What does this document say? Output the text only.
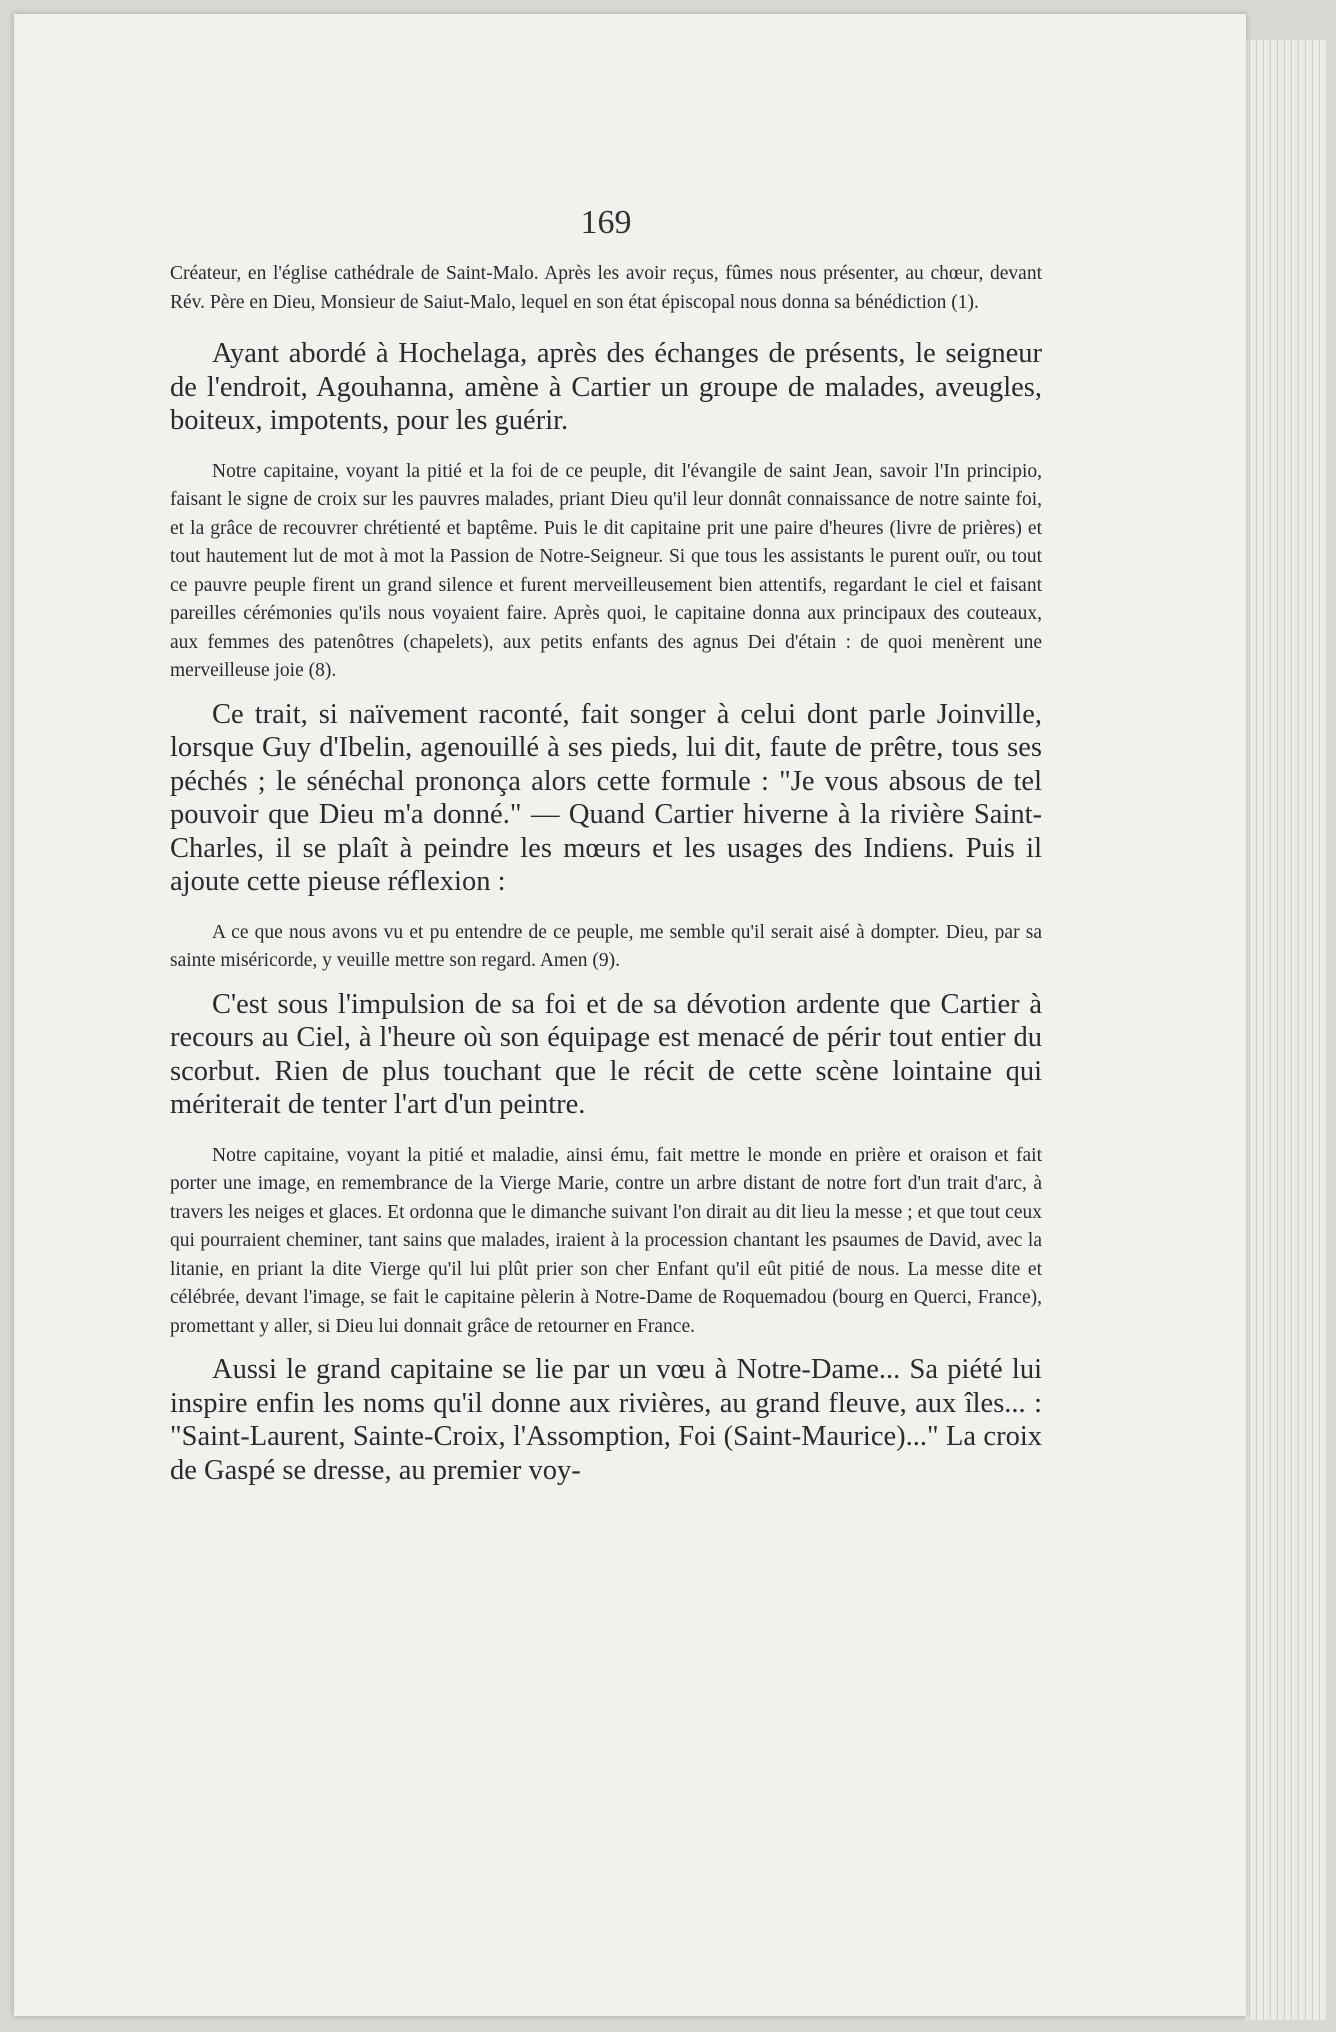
169

Créateur, en l'église cathédrale de Saint-Malo. Après les avoir reçus, fûmes nous présenter, au chœur, devant Rév. Père en Dieu, Monsieur de Saiut-Malo, lequel en son état épiscopal nous donna sa bénédiction (1).

Ayant abordé à Hochelaga, après des échanges de présents, le seigneur de l'endroit, Agouhanna, amène à Cartier un groupe de malades, aveugles, boiteux, impotents, pour les guérir.

Notre capitaine, voyant la pitié et la foi de ce peuple, dit l'évangile de saint Jean, savoir l'In principio, faisant le signe de croix sur les pauvres malades, priant Dieu qu'il leur donnât connaissance de notre sainte foi, et la grâce de recouvrer chrétienté et baptême. Puis le dit capitaine prit une paire d'heures (livre de prières) et tout hautement lut de mot à mot la Passion de Notre-Seigneur. Si que tous les assistants le purent ouïr, ou tout ce pauvre peuple firent un grand silence et furent merveilleusement bien attentifs, regardant le ciel et faisant pareilles cérémonies qu'ils nous voyaient faire. Après quoi, le capitaine donna aux principaux des couteaux, aux femmes des patenôtres (chapelets), aux petits enfants des agnus Dei d'étain : de quoi menèrent une merveilleuse joie (8).

Ce trait, si naïvement raconté, fait songer à celui dont parle Joinville, lorsque Guy d'Ibelin, agenouillé à ses pieds, lui dit, faute de prêtre, tous ses péchés ; le sénéchal prononça alors cette formule : "Je vous absous de tel pouvoir que Dieu m'a donné." — Quand Cartier hiverne à la rivière Saint-Charles, il se plaît à peindre les mœurs et les usages des Indiens. Puis il ajoute cette pieuse réflexion :

A ce que nous avons vu et pu entendre de ce peuple, me semble qu'il serait aisé à dompter. Dieu, par sa sainte miséricorde, y veuille mettre son regard. Amen (9).

C'est sous l'impulsion de sa foi et de sa dévotion ardente que Cartier à recours au Ciel, à l'heure où son équipage est menacé de périr tout entier du scorbut. Rien de plus touchant que le récit de cette scène lointaine qui mériterait de tenter l'art d'un peintre.

Notre capitaine, voyant la pitié et maladie, ainsi ému, fait mettre le monde en prière et oraison et fait porter une image, en remembrance de la Vierge Marie, contre un arbre distant de notre fort d'un trait d'arc, à travers les neiges et glaces. Et ordonna que le dimanche suivant l'on dirait au dit lieu la messe ; et que tout ceux qui pourraient cheminer, tant sains que malades, iraient à la procession chantant les psaumes de David, avec la litanie, en priant la dite Vierge qu'il lui plût prier son cher Enfant qu'il eût pitié de nous. La messe dite et célébrée, devant l'image, se fait le capitaine pèlerin à Notre-Dame de Roquemadou (bourg en Querci, France), promettant y aller, si Dieu lui donnait grâce de retourner en France.

Aussi le grand capitaine se lie par un vœu à Notre-Dame... Sa piété lui inspire enfin les noms qu'il donne aux rivières, au grand fleuve, aux îles... : "Saint-Laurent, Sainte-Croix, l'Assomption, Foi (Saint-Maurice)..." La croix de Gaspé se dresse, au premier voy-
